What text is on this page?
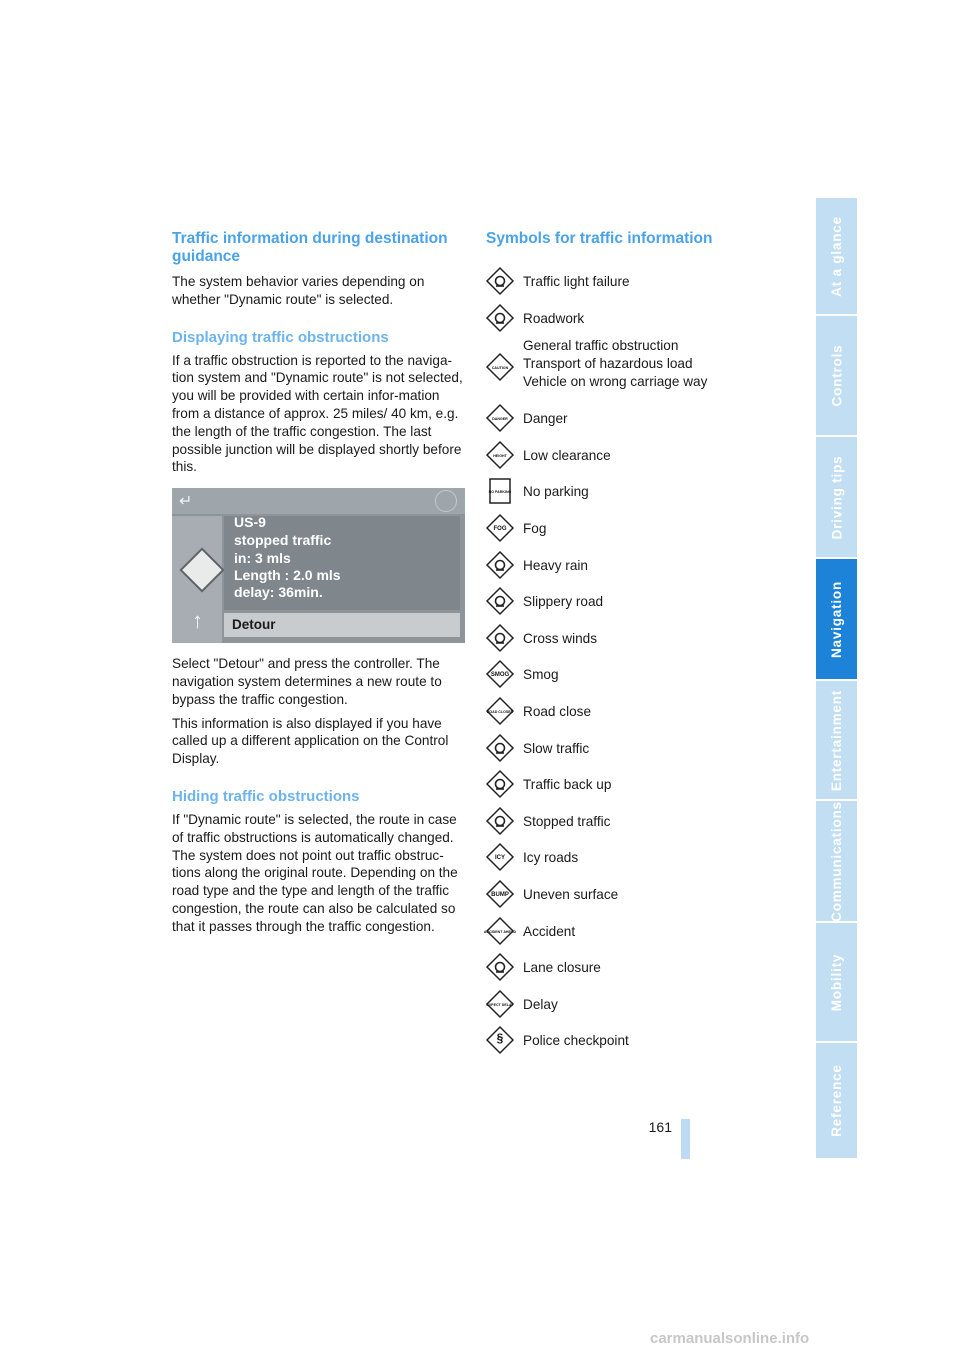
Traffic information during destination guidance

The system behavior varies depending on whether "Dynamic route" is selected.

Displaying traffic obstructions

If a traffic obstruction is reported to the naviga-tion system and "Dynamic route" is not selected, you will be provided with certain infor-mation from a distance of approx. 25 miles/ 40 km, e.g. the length of the traffic congestion. The last possible junction will be displayed shortly before this.

↵
↑
US-9
stopped traffic
in: 3 mls
Length : 2.0 mls
delay: 36min.
Detour

Select "Detour" and press the controller. The navigation system determines a new route to bypass the traffic congestion.

This information is also displayed if you have called up a different application on the Control Display.

Hiding traffic obstructions

If "Dynamic route" is selected, the route in case of traffic obstructions is automatically changed. The system does not point out traffic obstruc-tions along the original route. Depending on the road type and the type and length of the traffic congestion, the route can also be calculated so that it passes through the traffic congestion.

Symbols for traffic information
Traffic light failure
Roadwork
CAUTION
General traffic obstruction
Transport of hazardous load
Vehicle on wrong carriage way
DANGER Danger
HEIGHT Low clearance
NO PARKING No parking
FOG Fog
Heavy rain
Slippery road
Cross winds
SMOG Smog
ROAD CLOSED Road close
Slow traffic
Traffic back up
Stopped traffic
ICY Icy roads
BUMP Uneven surface
ACCIDENT AHEAD Accident
Lane closure
EXPECT DELAY Delay
§ Police checkpoint
At a glance
Controls
Driving tips
Navigation
Entertainment
Communications
Mobility
Reference
161
carmanualsonline.info
